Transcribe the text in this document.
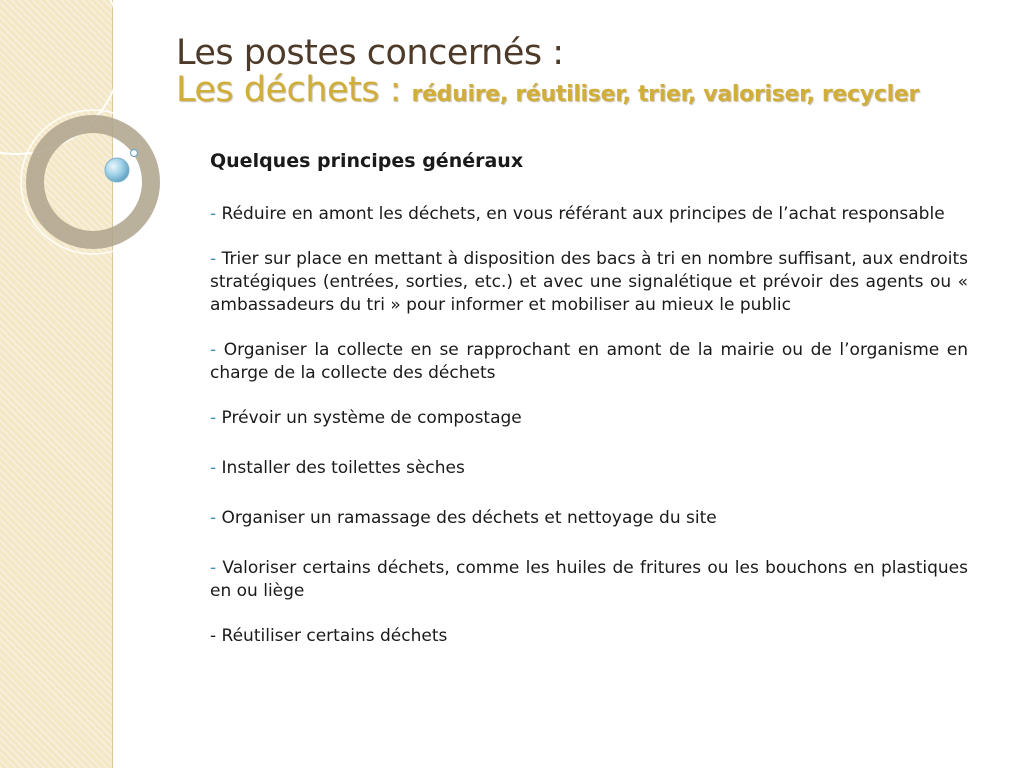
Les postes concernés :
Les déchets : réduire, réutiliser, trier, valoriser, recycler

Quelques principes généraux

- Réduire en amont les déchets, en vous référant aux principes de l’achat responsable

- Trier sur place en mettant à disposition des bacs à tri en nombre suffisant, aux endroits stratégiques (entrées, sorties, etc.) et avec une signalétique et prévoir des agents ou « ambassadeurs du tri » pour informer et mobiliser au mieux le public

- Organiser la collecte en se rapprochant en amont de la mairie ou de l’organisme en charge de la collecte des déchets

- Prévoir un système de compostage

- Installer des toilettes sèches

- Organiser un ramassage des déchets et nettoyage du site

- Valoriser certains déchets, comme les huiles de fritures ou les bouchons en plastiques en ou liège

- Réutiliser certains déchets
